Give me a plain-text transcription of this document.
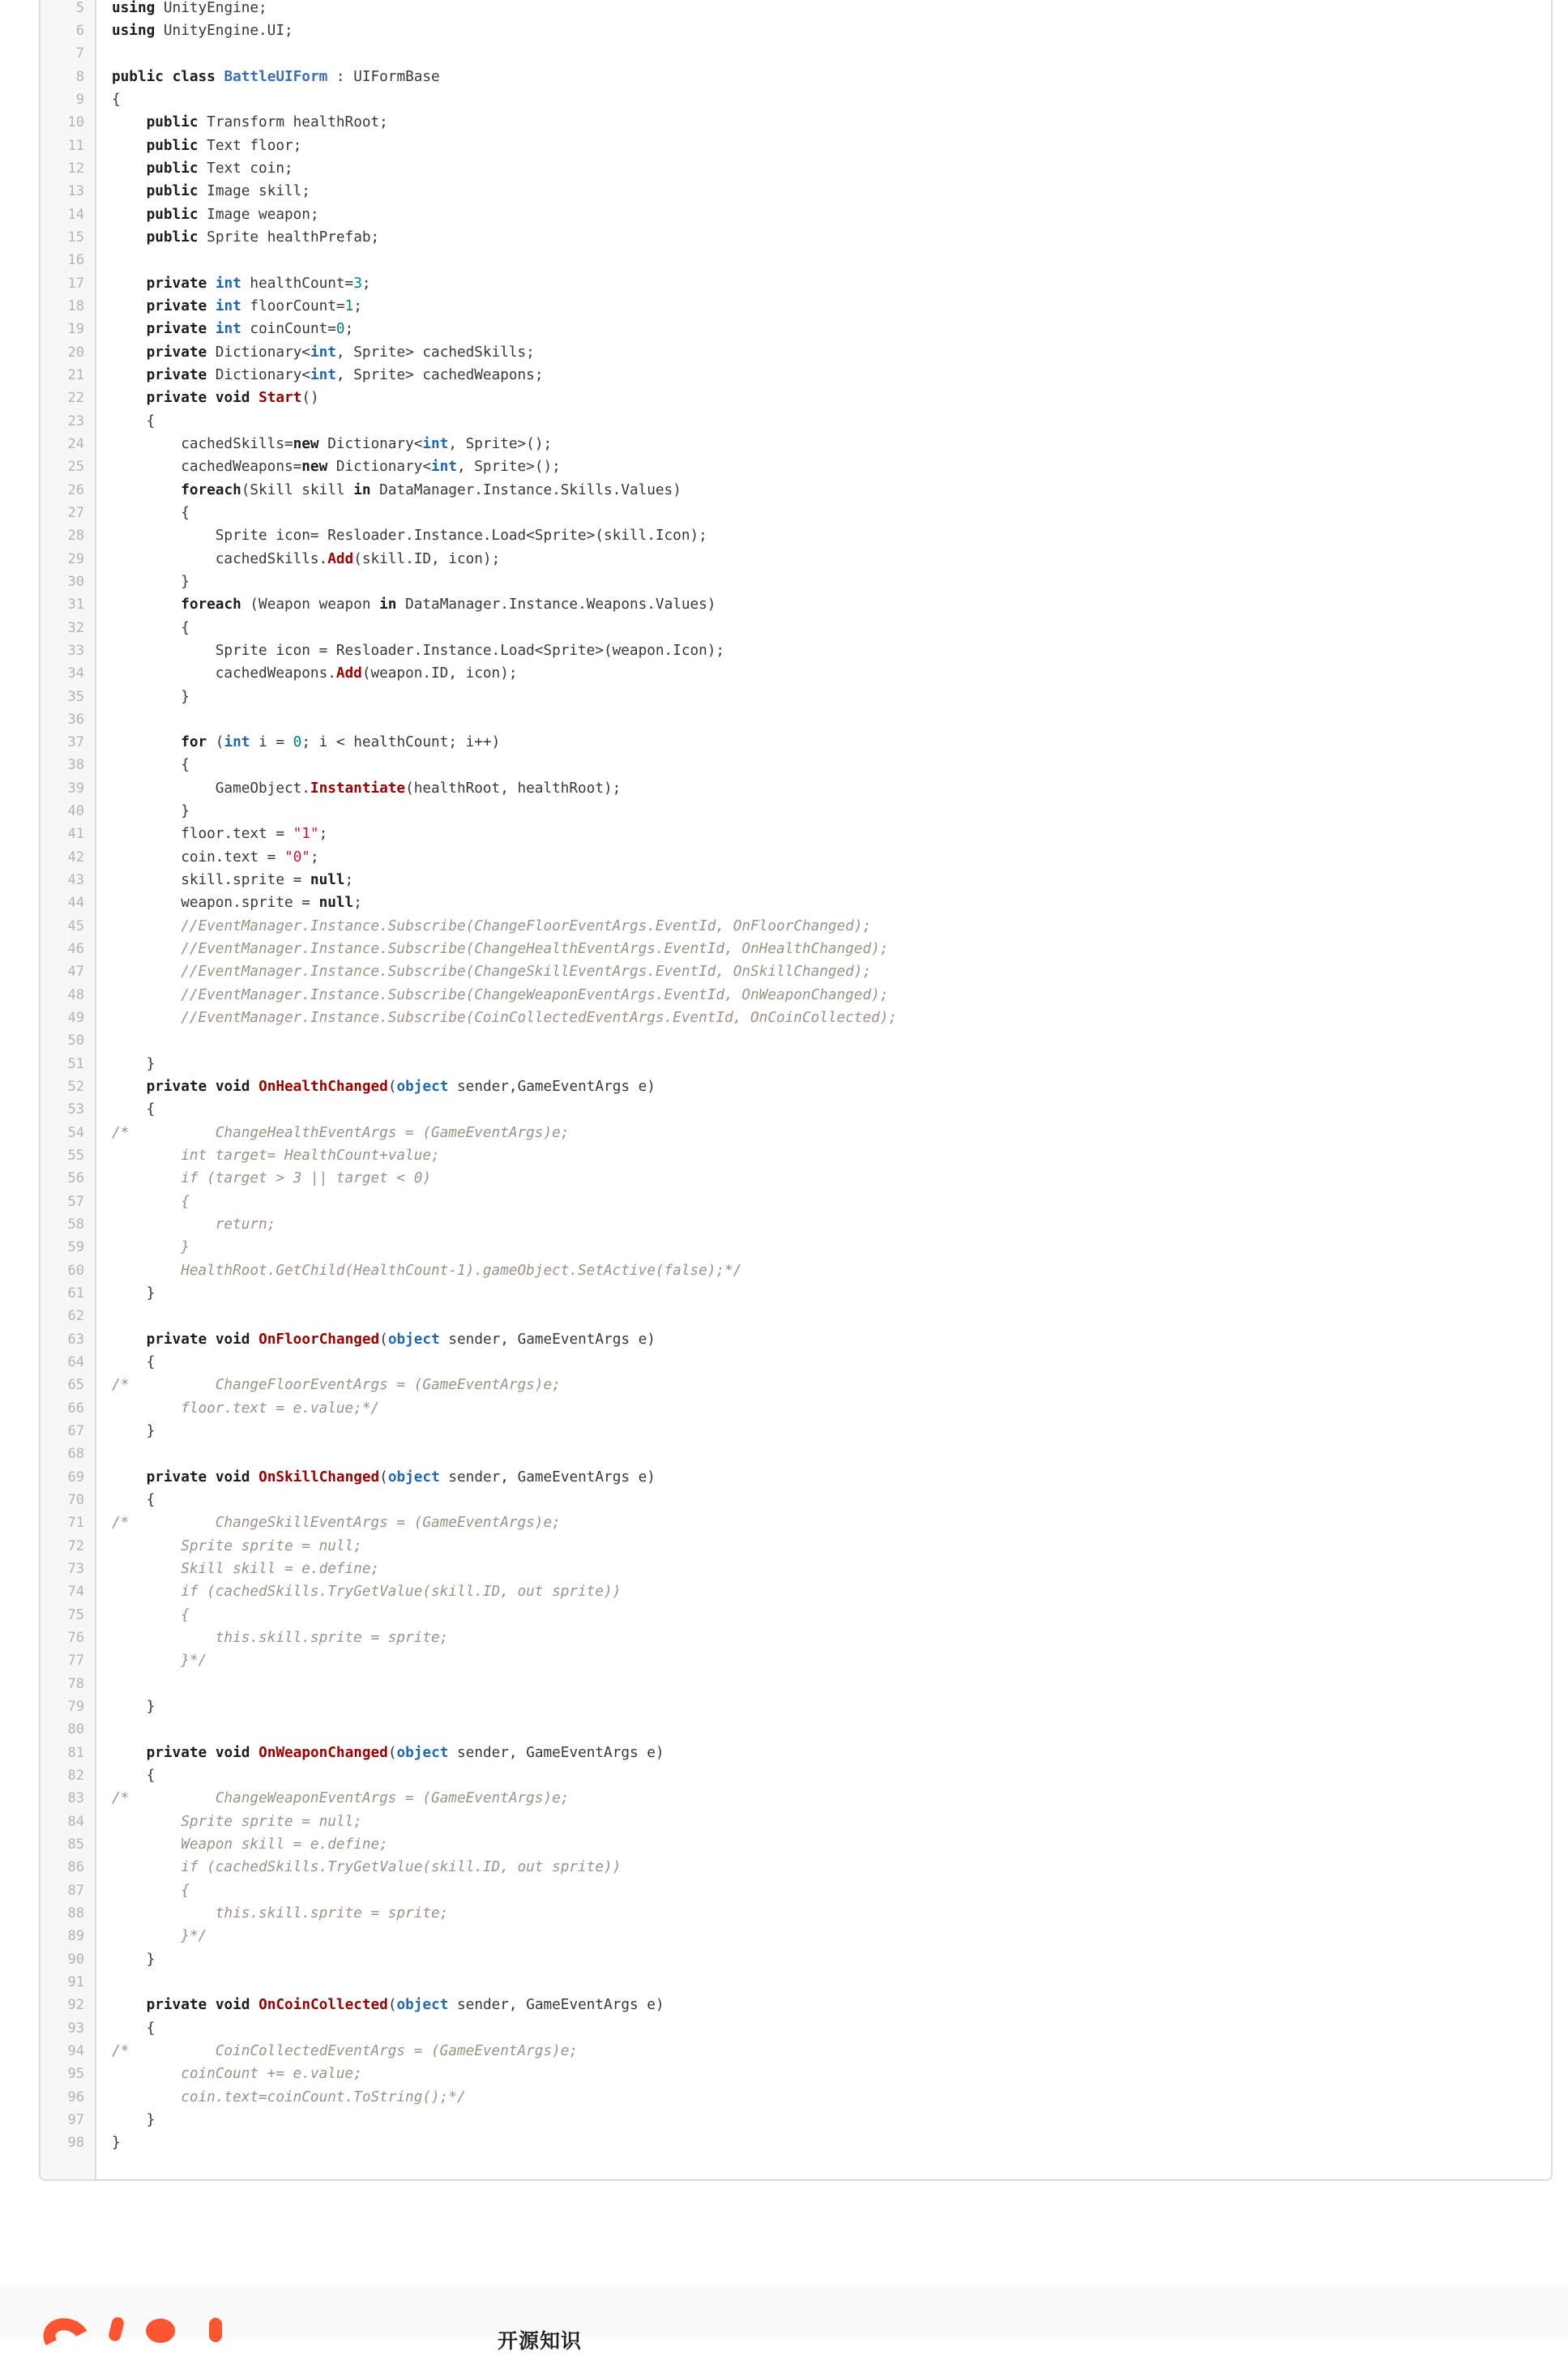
5	using UnityEngine;
6	using UnityEngine.UI;
7
8	public class BattleUIForm : UIFormBase
9	{
10	public Transform healthRoot;
11	public Text floor;
12	public Text coin;
13	public Image skill;
14	public Image weapon;
15	public Sprite healthPrefab;
16
17	private int healthCount=3;
18	private int floorCount=1;
19	private int coinCount=0;
20	private Dictionary<int, Sprite> cachedSkills;
21	private Dictionary<int, Sprite> cachedWeapons;
22	private void Start()
23	{
24	cachedSkills=new Dictionary<int, Sprite>();
25	cachedWeapons=new Dictionary<int, Sprite>();
26	foreach(Skill skill in DataManager.Instance.Skills.Values)
27	{
28	Sprite icon= Resloader.Instance.Load<Sprite>(skill.Icon);
29	cachedSkills.Add(skill.ID, icon);
30	}
31	foreach (Weapon weapon in DataManager.Instance.Weapons.Values)
32	{
33	Sprite icon = Resloader.Instance.Load<Sprite>(weapon.Icon);
34	cachedWeapons.Add(weapon.ID, icon);
35	}
36
37	for (int i = 0; i < healthCount; i++)
38	{
39	GameObject.Instantiate(healthRoot, healthRoot);
40	}
41	floor.text = "1";
42	coin.text = "0";
43	skill.sprite = null;
44	weapon.sprite = null;
45	//EventManager.Instance.Subscribe(ChangeFloorEventArgs.EventId, OnFloorChanged);
46	//EventManager.Instance.Subscribe(ChangeHealthEventArgs.EventId, OnHealthChanged);
47	//EventManager.Instance.Subscribe(ChangeSkillEventArgs.EventId, OnSkillChanged);
48	//EventManager.Instance.Subscribe(ChangeWeaponEventArgs.EventId, OnWeaponChanged);
49	//EventManager.Instance.Subscribe(CoinCollectedEventArgs.EventId, OnCoinCollected);
50
51	}
52	private void OnHealthChanged(object sender,GameEventArgs e)
53	{
54	/*          ChangeHealthEventArgs = (GameEventArgs)e;
55	int target= HealthCount+value;
56	if (target > 3 || target < 0)
57	{
58	return;
59	}
60	HealthRoot.GetChild(HealthCount-1).gameObject.SetActive(false);*/
61	}
62
63	private void OnFloorChanged(object sender, GameEventArgs e)
64	{
65	/*          ChangeFloorEventArgs = (GameEventArgs)e;
66	floor.text = e.value;*/
67	}
68
69	private void OnSkillChanged(object sender, GameEventArgs e)
70	{
71	/*          ChangeSkillEventArgs = (GameEventArgs)e;
72	Sprite sprite = null;
73	Skill skill = e.define;
74	if (cachedSkills.TryGetValue(skill.ID, out sprite))
75	{
76	this.skill.sprite = sprite;
77	}*/
78
79	}
80
81	private void OnWeaponChanged(object sender, GameEventArgs e)
82	{
83	/*          ChangeWeaponEventArgs = (GameEventArgs)e;
84	Sprite sprite = null;
85	Weapon skill = e.define;
86	if (cachedSkills.TryGetValue(skill.ID, out sprite))
87	{
88	this.skill.sprite = sprite;
89	}*/
90	}
91
92	private void OnCoinCollected(object sender, GameEventArgs e)
93	{
94	/*          CoinCollectedEventArgs = (GameEventArgs)e;
95	coinCount += e.value;
96	coin.text=coinCount.ToString();*/
97	}
98	}
开源知识
